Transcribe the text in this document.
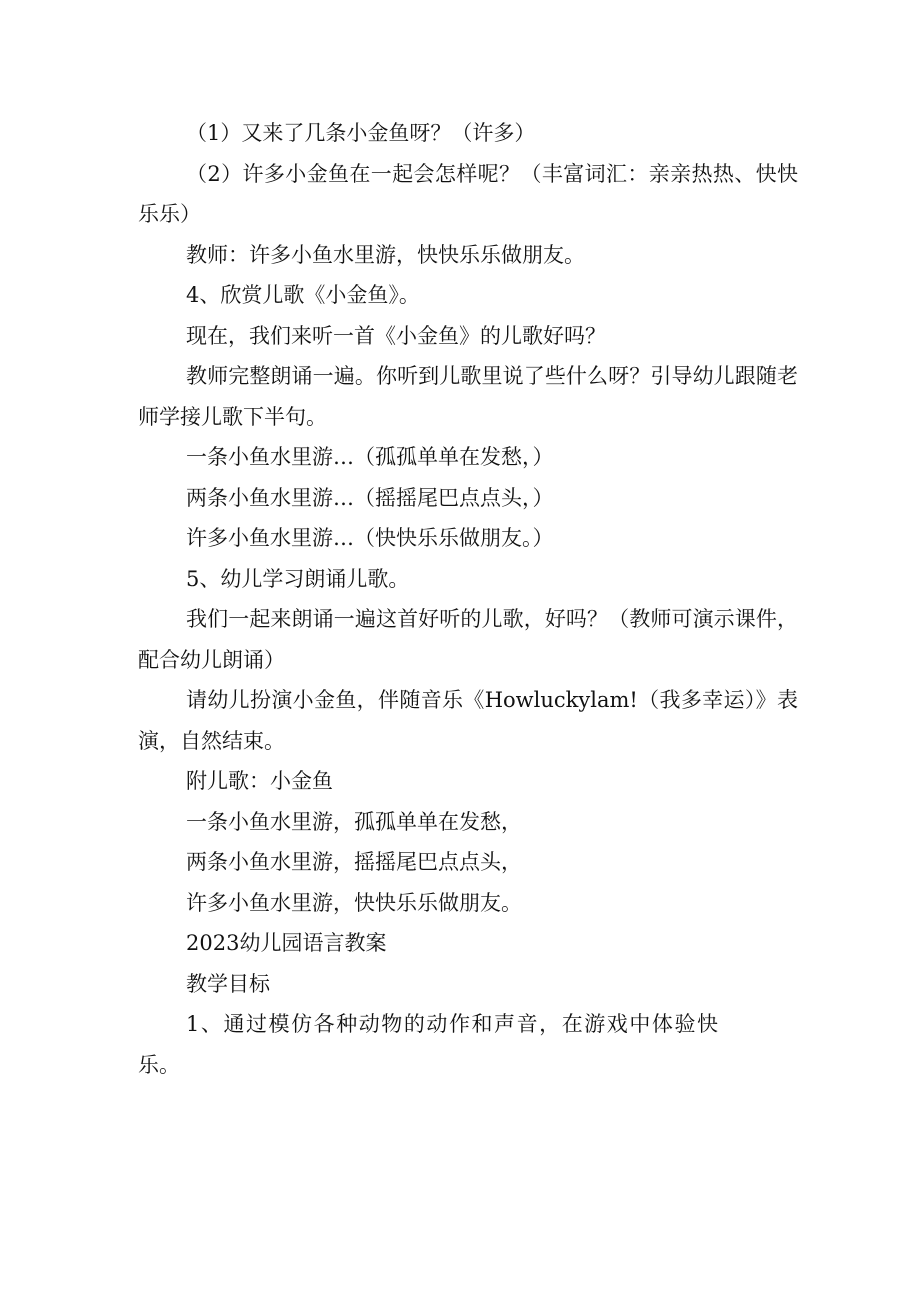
（1）又来了几条小金鱼呀？（许多）

（2）许多小金鱼在一起会怎样呢？（丰富词汇：亲亲热热、快快乐乐）

教师：许多小鱼水里游，快快乐乐做朋友。

4、欣赏儿歌《小金鱼》。

现在，我们来听一首《小金鱼》的儿歌好吗？

教师完整朗诵一遍。你听到儿歌里说了些什么呀？引导幼儿跟随老师学接儿歌下半句。

一条小鱼水里游…（孤孤单单在发愁，）

两条小鱼水里游…（摇摇尾巴点点头，）

许多小鱼水里游…（快快乐乐做朋友。）

5、幼儿学习朗诵儿歌。

我们一起来朗诵一遍这首好听的儿歌，好吗？（教师可演示课件，配合幼儿朗诵）

请幼儿扮演小金鱼，伴随音乐《Howluckylam!（我多幸运）》表演，自然结束。

附儿歌：小金鱼

一条小鱼水里游，孤孤单单在发愁，

两条小鱼水里游，摇摇尾巴点点头，

许多小鱼水里游，快快乐乐做朋友。

2023幼儿园语言教案

教学目标

1、通过模仿各种动物的动作和声音，在游戏中体验快乐。
